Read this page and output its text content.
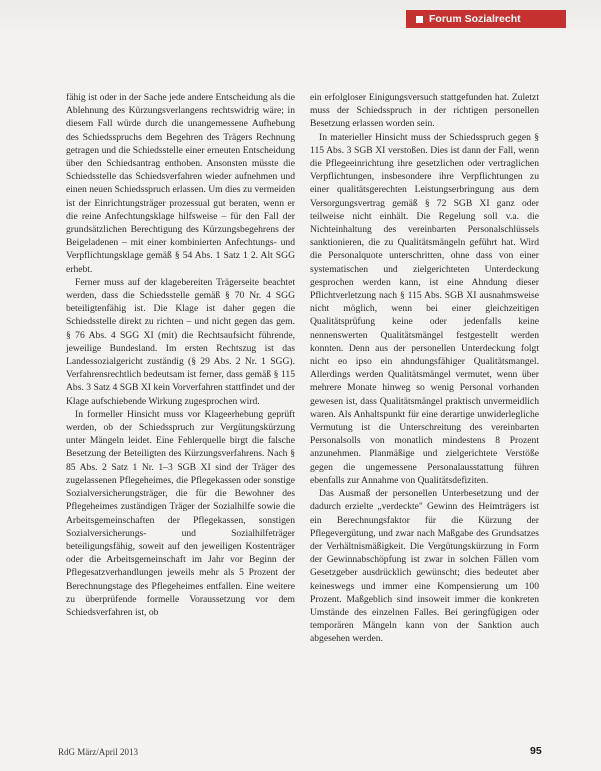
Forum Sozialrecht

fähig ist oder in der Sache jede andere Entscheidung als die Ablehnung des Kürzungsverlangens rechtswidrig wäre; in diesem Fall würde durch die unangemessene Aufhebung des Schiedsspruchs dem Begehren des Trägers Rechnung getragen und die Schiedsstelle einer erneuten Entscheidung über den Schiedsantrag enthoben. Ansonsten müsste die Schiedsstelle das Schiedsverfahren wieder aufnehmen und einen neuen Schiedsspruch erlassen. Um dies zu vermeiden ist der Einrichtungsträger prozessual gut beraten, wenn er die reine Anfechtungsklage hilfsweise – für den Fall der grundsätzlichen Berechtigung des Kürzungsbegehrens der Beigeladenen – mit einer kombinierten Anfechtungs- und Verpflichtungsklage gemäß § 54 Abs. 1 Satz 1 2. Alt SGG erhebt.

Ferner muss auf der klagebereiten Trägerseite beachtet werden, dass die Schiedsstelle gemäß § 70 Nr. 4 SGG beteiligtenfähig ist. Die Klage ist daher gegen die Schiedsstelle direkt zu richten – und nicht gegen das gem. § 76 Abs. 4 SGG XI (mit) die Rechtsaufsicht führende, jeweilige Bundesland. Im ersten Rechtszug ist das Landessozialgericht zuständig (§ 29 Abs. 2 Nr. 1 SGG). Verfahrensrechtlich bedeutsam ist ferner, dass gemäß § 115 Abs. 3 Satz 4 SGB XI kein Vorverfahren stattfindet und der Klage aufschiebende Wirkung zugesprochen wird.

In formeller Hinsicht muss vor Klageerhebung geprüft werden, ob der Schiedsspruch zur Vergütungskürzung unter Mängeln leidet. Eine Fehlerquelle birgt die falsche Besetzung der Beteiligten des Kürzungsverfahrens. Nach § 85 Abs. 2 Satz 1 Nr. 1–3 SGB XI sind der Träger des zugelassenen Pflegeheimes, die Pflegekassen oder sonstige Sozialversicherungsträger, die für die Bewohner des Pflegeheimes zuständigen Träger der Sozialhilfe sowie die Arbeitsgemeinschaften der Pflegekassen, sonstigen Sozialversicherungs- und Sozialhilfeträger beteiligungsfähig, soweit auf den jeweiligen Kostenträger oder die Arbeitsgemeinschaft im Jahr vor Beginn der Pflegesatzverhandlungen jeweils mehr als 5 Prozent der Berechnungstage des Pflegeheimes entfallen. Eine weitere zu überprüfende formelle Voraussetzung vor dem Schiedsverfahren ist, ob

ein erfolgloser Einigungsversuch stattgefunden hat. Zuletzt muss der Schiedsspruch in der richtigen personellen Besetzung erlassen worden sein.

In materieller Hinsicht muss der Schiedsspruch gegen § 115 Abs. 3 SGB XI verstoßen. Dies ist dann der Fall, wenn die Pflegeeinrichtung ihre gesetzlichen oder vertraglichen Verpflichtungen, insbesondere ihre Verpflichtungen zu einer qualitätsgerechten Leistungserbringung aus dem Versorgungsvertrag gemäß § 72 SGB XI ganz oder teilweise nicht einhält. Die Regelung soll v.a. die Nichteinhaltung des vereinbarten Personalschlüssels sanktionieren, die zu Qualitätsmängeln geführt hat. Wird die Personalquote unterschritten, ohne dass von einer systematischen und zielgerichteten Unterdeckung gesprochen werden kann, ist eine Ahndung dieser Pflichtverletzung nach § 115 Abs. SGB XI ausnahmsweise nicht möglich, wenn bei einer gleichzeitigen Qualitätsprüfung keine oder jedenfalls keine nennenswerten Qualitätsmängel festgestellt werden konnten. Denn aus der personellen Unterdeckung folgt nicht eo ipso ein ahndungsfähiger Qualitätsmangel. Allerdings werden Qualitätsmängel vermutet, wenn über mehrere Monate hinweg so wenig Personal vorhanden gewesen ist, dass Qualitätsmängel praktisch unvermeidlich waren. Als Anhaltspunkt für eine derartige unwiderlegliche Vermutung ist die Unterschreitung des vereinbarten Personalsolls von monatlich mindestens 8 Prozent anzunehmen. Planmäßige und zielgerichtete Verstöße gegen die ungemessene Personalausstattung führen ebenfalls zur Annahme von Qualitätsdefiziten.

Das Ausmaß der personellen Unterbesetzung und der dadurch erzielte „verdeckte" Gewinn des Heimträgers ist ein Berechnungsfaktor für die Kürzung der Pflegevergütung, und zwar nach Maßgabe des Grundsatzes der Verhältnismäßigkeit. Die Vergütungskürzung in Form der Gewinnabschöpfung ist zwar in solchen Fällen vom Gesetzgeber ausdrücklich gewünscht; dies bedeutet aber keineswegs und immer eine Kompensierung um 100 Prozent. Maßgeblich sind insoweit immer die konkreten Umstände des einzelnen Falles. Bei geringfügigen oder temporären Mängeln kann von der Sanktion auch abgesehen werden.

RdG März/April 2013	95
